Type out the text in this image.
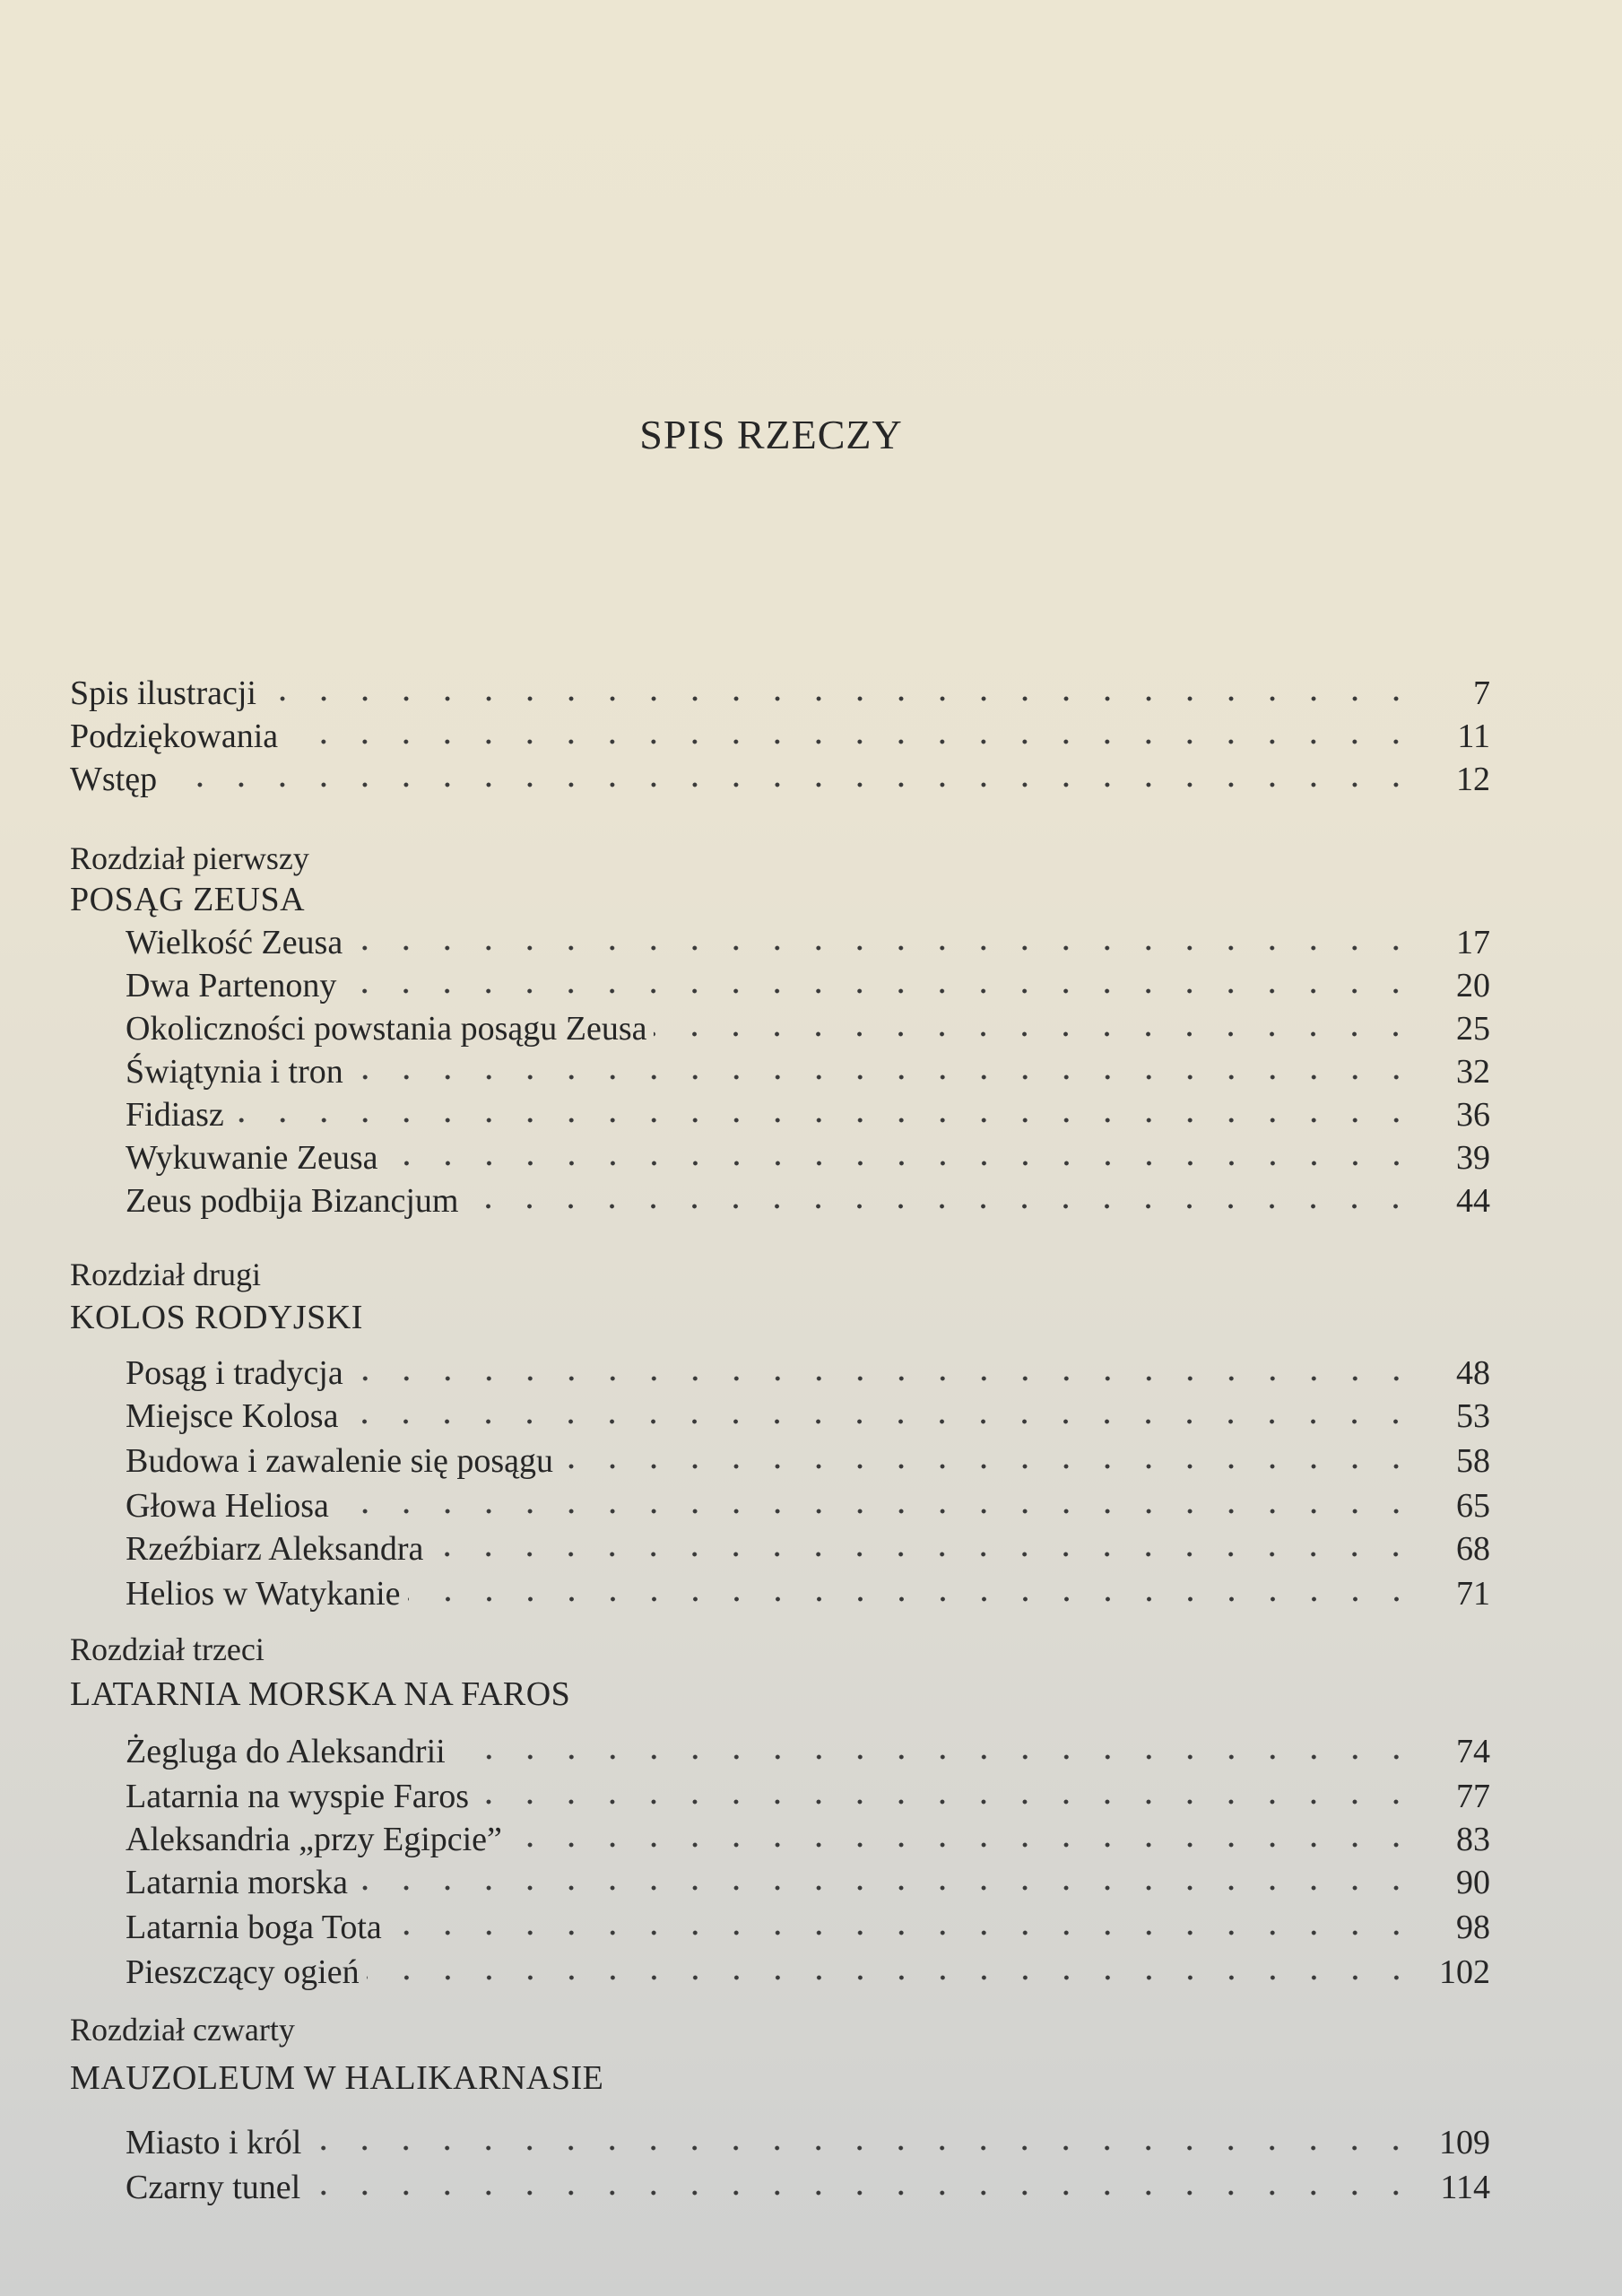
SPIS RZECZY
Spis ilustracji	7
Podziękowania	11
Wstęp	12
Rozdział pierwszy
POSĄG ZEUSA
Wielkość Zeusa	17
Dwa Partenony	20
Okoliczności powstania posągu Zeusa	25
Świątynia i tron	32
Fidiasz	36
Wykuwanie Zeusa	39
Zeus podbija Bizancjum	44
Rozdział drugi
KOLOS RODYJSKI
Posąg i tradycja	48
Miejsce Kolosa	53
Budowa i zawalenie się posągu	58
Głowa Heliosa	65
Rzeźbiarz Aleksandra	68
Helios w Watykanie	71
Rozdział trzeci
LATARNIA MORSKA NA FAROS
Żegluga do Aleksandrii	74
Latarnia na wyspie Faros	77
Aleksandria „przy Egipcie”	83
Latarnia morska	90
Latarnia boga Tota	98
Pieszczący ogień	102
Rozdział czwarty
MAUZOLEUM W HALIKARNASIE
Miasto i król	109
Czarny tunel	114
